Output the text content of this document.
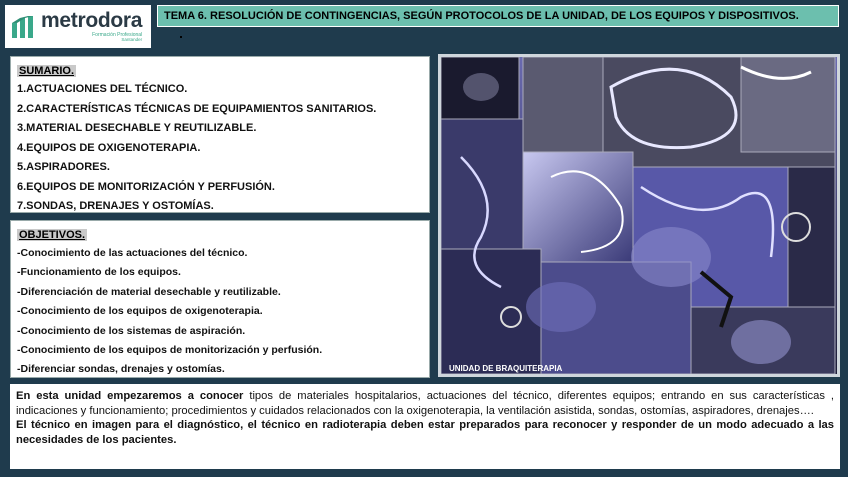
metrodora
Formación Profesional
Santander
TEMA 6. RESOLUCIÓN DE CONTINGENCIAS, SEGÚN PROTOCOLOS DE LA UNIDAD, DE LOS EQUIPOS Y DISPOSITIVOS.
SUMARIO.
1.ACTUACIONES DEL TÉCNICO.
2.CARACTERÍSTICAS TÉCNICAS DE EQUIPAMIENTOS SANITARIOS.
3.MATERIAL DESECHABLE Y REUTILIZABLE.
4.EQUIPOS DE OXIGENOTERAPIA.
5.ASPIRADORES.
6.EQUIPOS DE MONITORIZACIÓN Y PERFUSIÓN.
7.SONDAS, DRENAJES Y OSTOMÍAS.
OBJETIVOS.
-Conocimiento de las actuaciones del técnico.
-Funcionamiento de los equipos.
-Diferenciación de material desechable y reutilizable.
-Conocimiento de los equipos de oxigenoterapia.
-Conocimiento de los sistemas de aspiración.
-Conocimiento de los equipos de monitorización y perfusión.
-Diferenciar sondas, drenajes y ostomías.	UNIDAD DE BRAQUITERAPIA

En esta unidad empezaremos a conocer tipos de materiales hospitalarios, actuaciones del técnico, diferentes equipos; entrando en sus características , indicaciones y funcionamiento; procedimientos y cuidados relacionados con la oxigenoterapia, la ventilación asistida, sondas, ostomías, aspiradores, drenajes….

El técnico en imagen para el diagnóstico, el técnico en radioterapia deben estar preparados para reconocer y responder de un modo adecuado a las necesidades de los pacientes.
